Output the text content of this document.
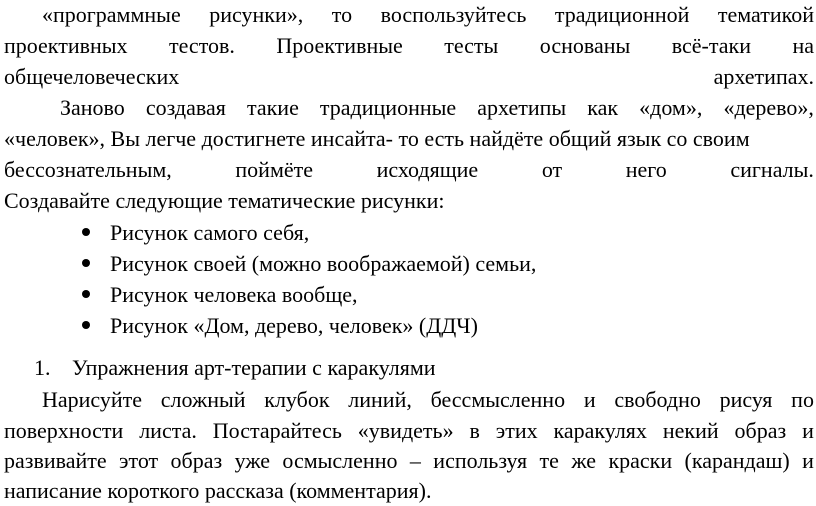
«программные рисунки», то воспользуйтесь традиционной тематикой
проективных тестов. Проективные тесты основаны всё-таки на
общечеловеческих	архетипах.
Заново создавая такие традиционные архетипы как «дом», «дерево»,
«человек», Вы легче достигнете инсайта- то есть найдёте общий язык со своим
бессознательным,	поймёте	исходящие	от	него	сигналы.
Создавайте следующие тематические рисунки:
Рисунок самого себя,
Рисунок своей (можно воображаемой) семьи,
Рисунок человека вообще,
Рисунок «Дом, дерево, человек» (ДДЧ)
1. Упражнения арт-терапии с каракулями
Нарисуйте сложный клубок линий, бессмысленно и свободно рисуя по
поверхности листа. Постарайтесь «увидеть» в этих каракулях некий образ и
развивайте этот образ уже осмысленно – используя те же краски (карандаш) и
написание короткого рассказа (комментария).
